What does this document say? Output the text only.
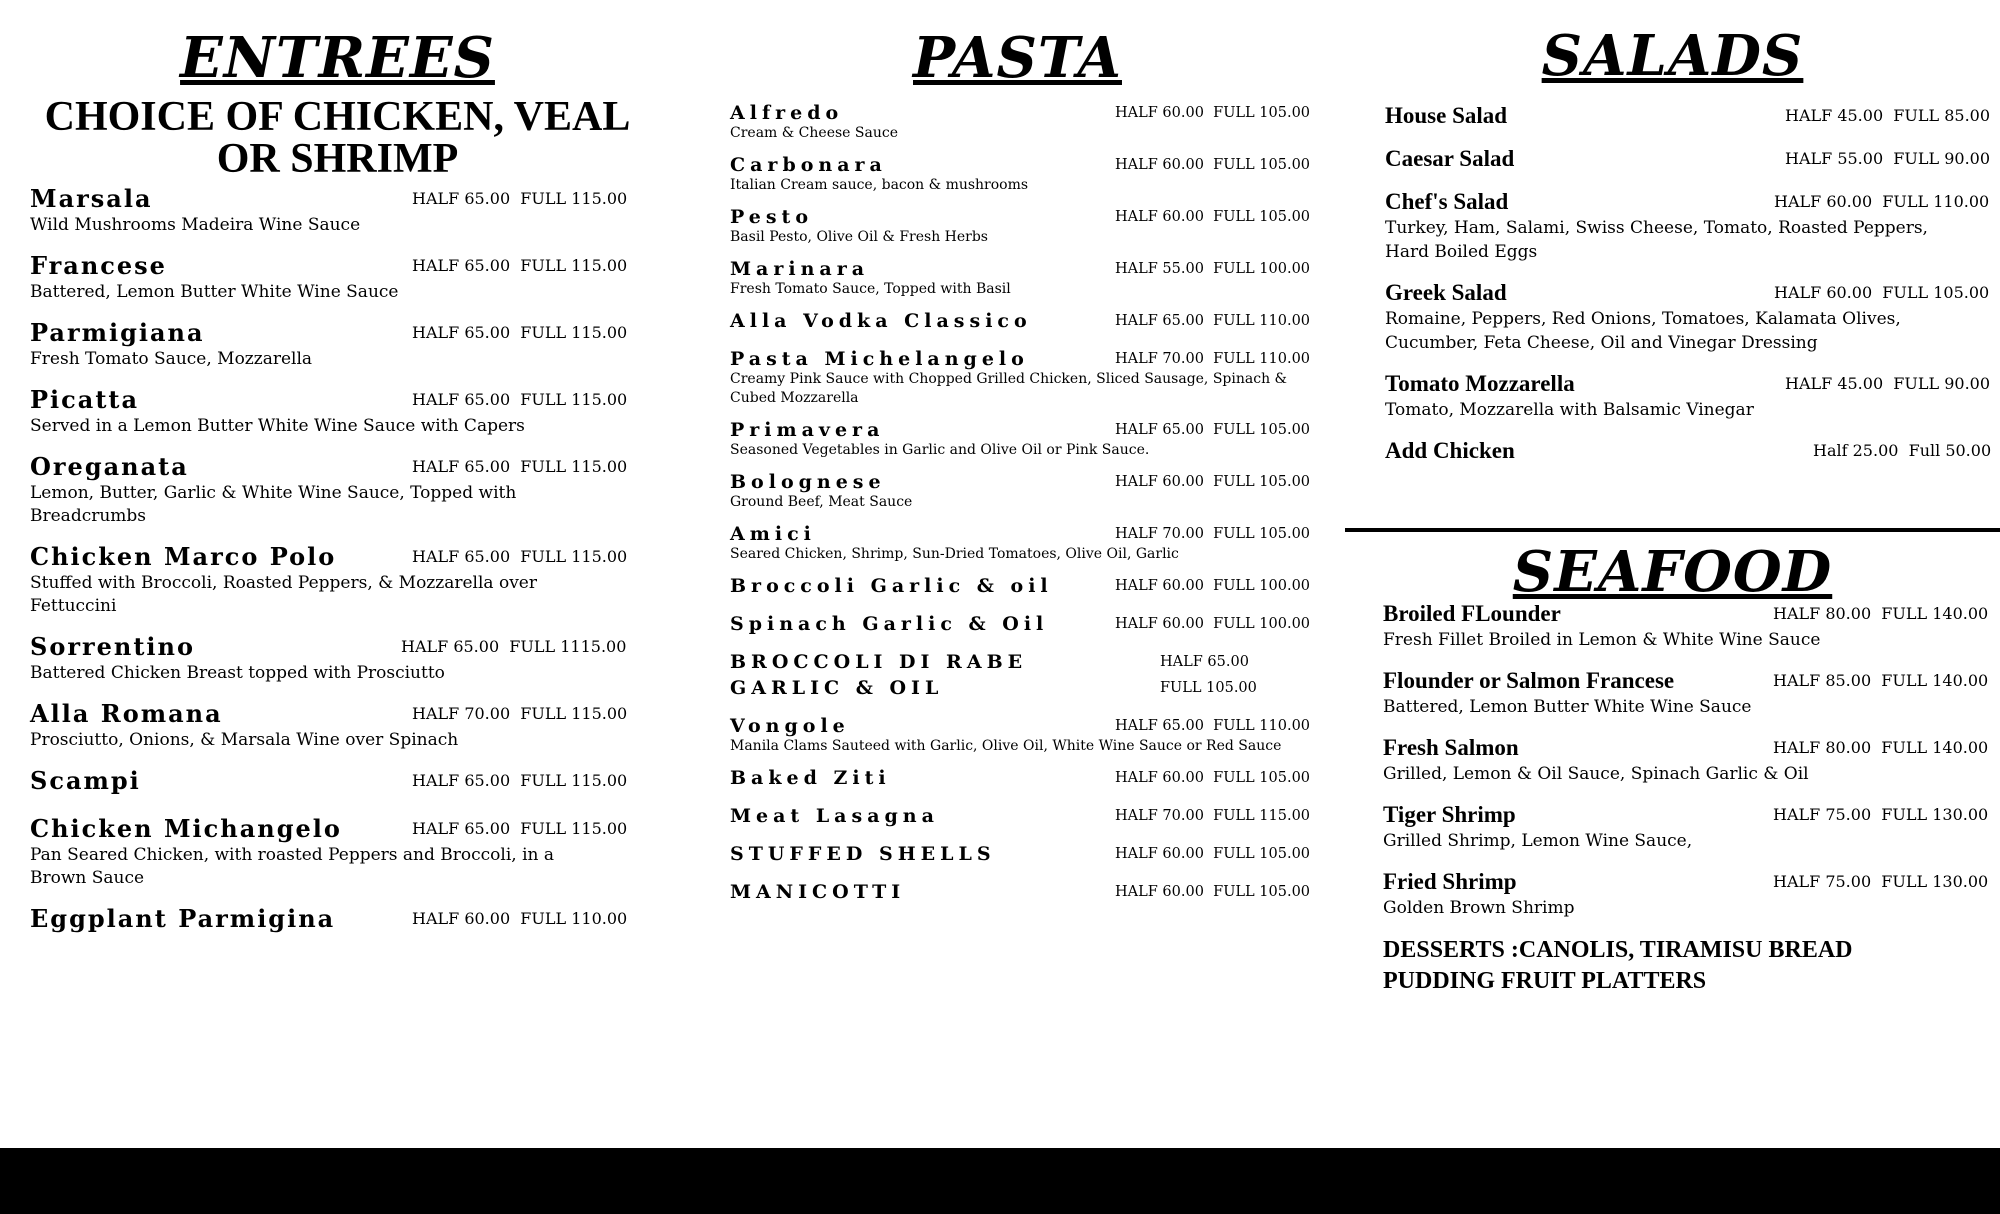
ENTREES
CHOICE OF CHICKEN, VEAL OR SHRIMP
Marsala	HALF 65.00  FULL 115.00
Wild Mushrooms Madeira Wine Sauce
Francese	HALF 65.00  FULL 115.00
Battered, Lemon Butter White Wine Sauce
Parmigiana	HALF 65.00  FULL 115.00
Fresh Tomato Sauce, Mozzarella
Picatta	HALF 65.00  FULL 115.00
Served in a Lemon Butter White Wine Sauce with Capers
Oreganata	HALF 65.00  FULL 115.00
Lemon, Butter, Garlic & White Wine Sauce, Topped with Breadcrumbs
Chicken Marco Polo	HALF 65.00  FULL 115.00
Stuffed with Broccoli, Roasted Peppers, & Mozzarella over Fettuccini
Sorrentino	HALF 65.00  FULL 1115.00
Battered Chicken Breast topped with Prosciutto
Alla Romana	HALF 70.00  FULL 115.00
Prosciutto, Onions, & Marsala Wine over Spinach
Scampi	HALF 65.00  FULL 115.00
Chicken Michangelo	HALF 65.00  FULL 115.00
Pan Seared Chicken, with roasted Peppers and Broccoli, in a Brown Sauce
Eggplant Parmigina	HALF 60.00  FULL 110.00
PASTA
Alfredo	HALF 60.00  FULL 105.00
Cream & Cheese Sauce
Carbonara	HALF 60.00  FULL 105.00
Italian Cream sauce, bacon & mushrooms
Pesto	HALF 60.00  FULL 105.00
Basil Pesto, Olive Oil & Fresh Herbs
Marinara	HALF 55.00  FULL 100.00
Fresh Tomato Sauce, Topped with Basil
Alla Vodka Classico	HALF 65.00  FULL 110.00
Pasta Michelangelo	HALF 70.00  FULL 110.00
Creamy Pink Sauce with Chopped Grilled Chicken, Sliced Sausage, Spinach & Cubed Mozzarella
Primavera	HALF 65.00  FULL 105.00
Seasoned Vegetables in Garlic and Olive Oil or Pink Sauce.
Bolognese	HALF 60.00  FULL 105.00
Ground Beef, Meat Sauce
Amici	HALF 70.00  FULL 105.00
Seared Chicken, Shrimp, Sun-Dried Tomatoes, Olive Oil, Garlic
Broccoli Garlic & oil	HALF 60.00  FULL 100.00
Spinach Garlic & Oil	HALF 60.00  FULL 100.00
BROCCOLI DI RABE	HALF 65.00
GARLIC & OIL	FULL 105.00
Vongole	HALF 65.00  FULL 110.00
Manila Clams Sauteed with Garlic, Olive Oil, White Wine Sauce or Red Sauce
Baked Ziti	HALF 60.00  FULL 105.00
Meat Lasagna	HALF 70.00  FULL 115.00
STUFFED SHELLS	HALF 60.00  FULL 105.00
MANICOTTI	HALF 60.00  FULL 105.00
SALADS
House Salad	HALF 45.00  FULL 85.00
Caesar Salad	HALF 55.00  FULL 90.00
Chef's Salad	HALF 60.00  FULL 110.00
Turkey, Ham, Salami, Swiss Cheese, Tomato, Roasted Peppers, Hard Boiled Eggs
Greek Salad	HALF 60.00  FULL 105.00
Romaine, Peppers, Red Onions, Tomatoes, Kalamata Olives, Cucumber, Feta Cheese, Oil and Vinegar Dressing
Tomato Mozzarella	HALF 45.00  FULL 90.00
Tomato, Mozzarella with Balsamic Vinegar
Add Chicken	Half 25.00  Full 50.00
SEAFOOD
Broiled FLounder	HALF 80.00  FULL 140.00
Fresh Fillet Broiled in Lemon & White Wine Sauce
Flounder or Salmon Francese	HALF 85.00  FULL 140.00
Battered, Lemon Butter White Wine Sauce
Fresh Salmon	HALF 80.00  FULL 140.00
Grilled, Lemon & Oil Sauce, Spinach Garlic & Oil
Tiger Shrimp	HALF 75.00  FULL 130.00
Grilled Shrimp, Lemon Wine Sauce,
Fried Shrimp	HALF 75.00  FULL 130.00
Golden Brown Shrimp
DESSERTS :CANOLIS, TIRAMISU BREAD PUDDING FRUIT PLATTERS
